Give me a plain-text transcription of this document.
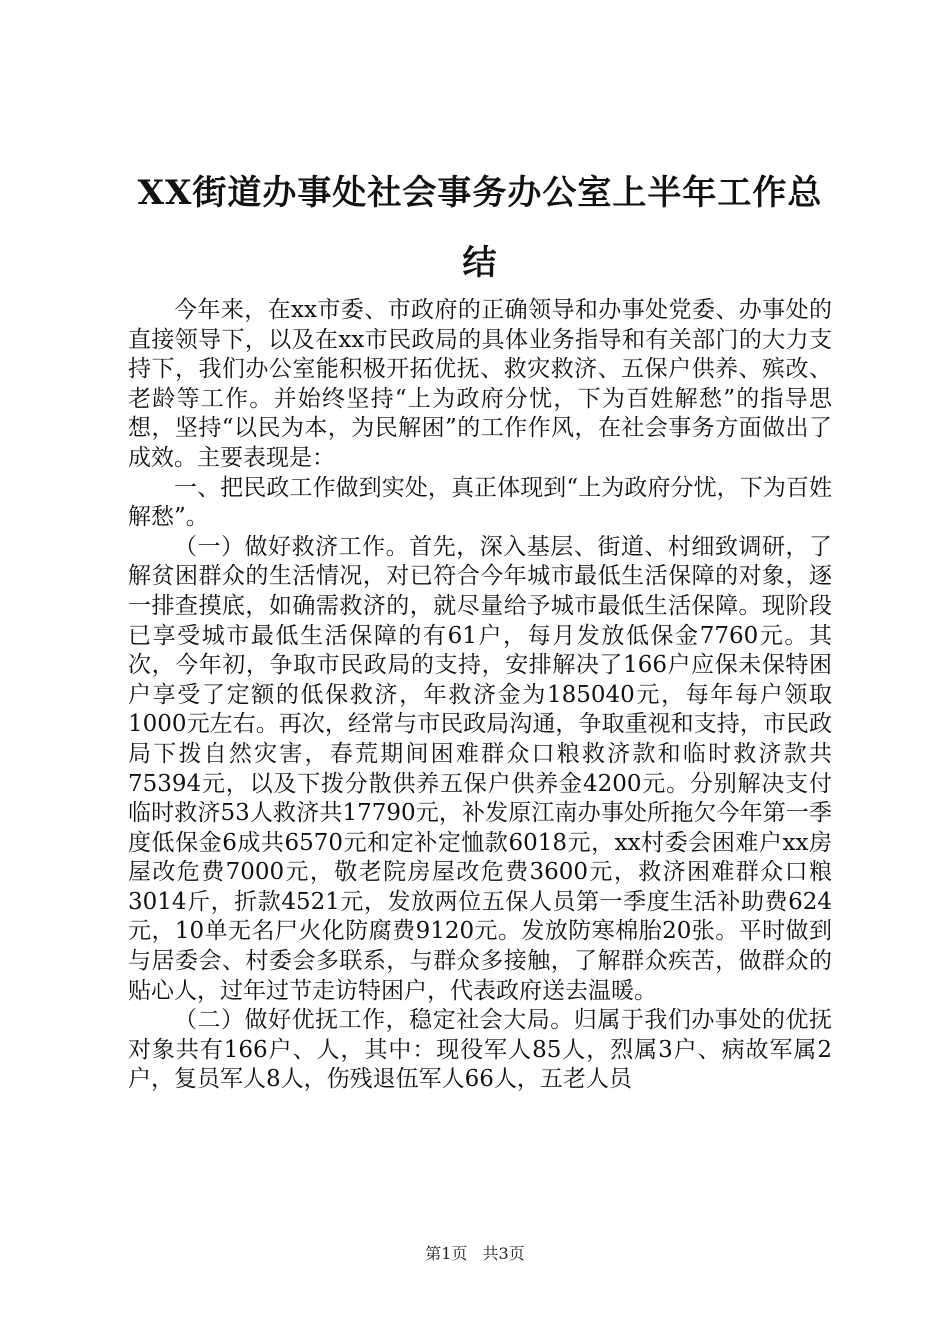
XX街道办事处社会事务办公室上半年工作总
结

今年来，在xx市委、市政府的正确领导和办事处党委、办事处的直接领导下，以及在xx市民政局的具体业务指导和有关部门的大力支持下，我们办公室能积极开拓优抚、救灾救济、五保户供养、殡改、老龄等工作。并始终坚持“上为政府分忧，下为百姓解愁”的指导思想，坚持“以民为本，为民解困”的工作作风，在社会事务方面做出了成效。主要表现是：

一、把民政工作做到实处，真正体现到“上为政府分忧，下为百姓解愁”。

（一）做好救济工作。首先，深入基层、街道、村细致调研，了解贫困群众的生活情况，对已符合今年城市最低生活保障的对象，逐一排查摸底，如确需救济的，就尽量给予城市最低生活保障。现阶段已享受城市最低生活保障的有61户，每月发放低保金7760元。其次，今年初，争取市民政局的支持，安排解决了166户应保未保特困户享受了定额的低保救济，年救济金为185040元，每年每户领取1000元左右。再次，经常与市民政局沟通，争取重视和支持，市民政局下拨自然灾害，春荒期间困难群众口粮救济款和临时救济款共75394元，以及下拨分散供养五保户供养金4200元。分别解决支付临时救济53人救济共17790元，补发原江南办事处所拖欠今年第一季度低保金6成共6570元和定补定恤款6018元，xx村委会困难户xx房屋改危费7000元，敬老院房屋改危费3600元，救济困难群众口粮3014斤，折款4521元，发放两位五保人员第一季度生活补助费624元，10单无名尸火化防腐费9120元。发放防寒棉胎20张。平时做到与居委会、村委会多联系，与群众多接触，了解群众疾苦，做群众的贴心人，过年过节走访特困户，代表政府送去温暖。

（二）做好优抚工作，稳定社会大局。归属于我们办事处的优抚对象共有166户、人，其中：现役军人85人，烈属3户、病故军属2户，复员军人8人，伤残退伍军人66人，五老人员

第1页 共3页
